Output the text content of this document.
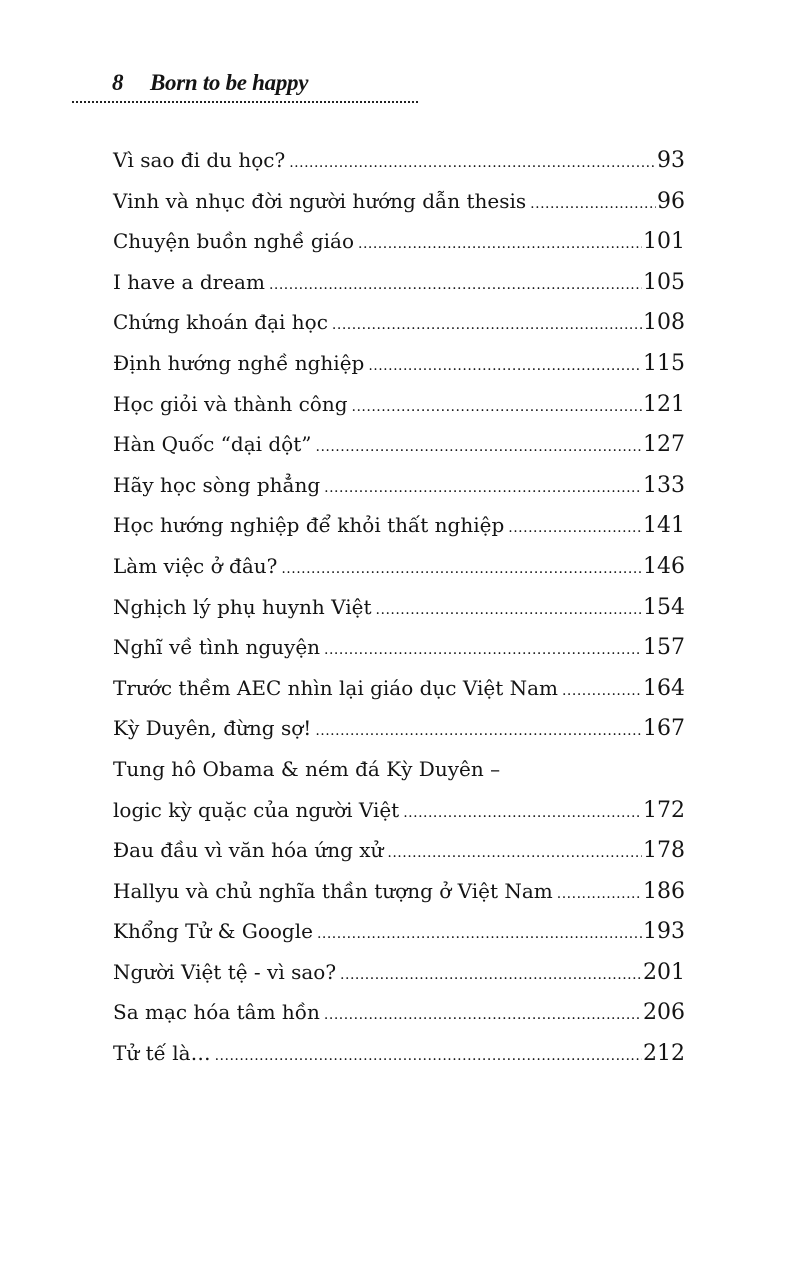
8 Born to be happy
Vì sao đi du học? .....	93
Vinh và nhục đời người hướng dẫn thesis .....	96
Chuyện buồn nghề giáo .....	101
I have a dream .....	105
Chứng khoán đại học .....	108
Định hướng nghề nghiệp .....	115
Học giỏi và thành công .....	121
Hàn Quốc “dại dột” .....	127
Hãy học sòng phẳng .....	133
Học hướng nghiệp để khỏi thất nghiệp .....	141
Làm việc ở đâu? .....	146
Nghịch lý phụ huynh Việt .....	154
Nghĩ về tình nguyện .....	157
Trước thềm AEC nhìn lại giáo dục Việt Nam .....	164
Kỳ Duyên, đừng sợ! .....	167
Tung hô Obama & ném đá Kỳ Duyên –
logic kỳ quặc của người Việt .....	172
Đau đầu vì văn hóa ứng xử .....	178
Hallyu và chủ nghĩa thần tượng ở Việt Nam .....	186
Khổng Tử & Google .....	193
Người Việt tệ - vì sao? .....	201
Sa mạc hóa tâm hồn .....	206
Tử tế là… .....	212
